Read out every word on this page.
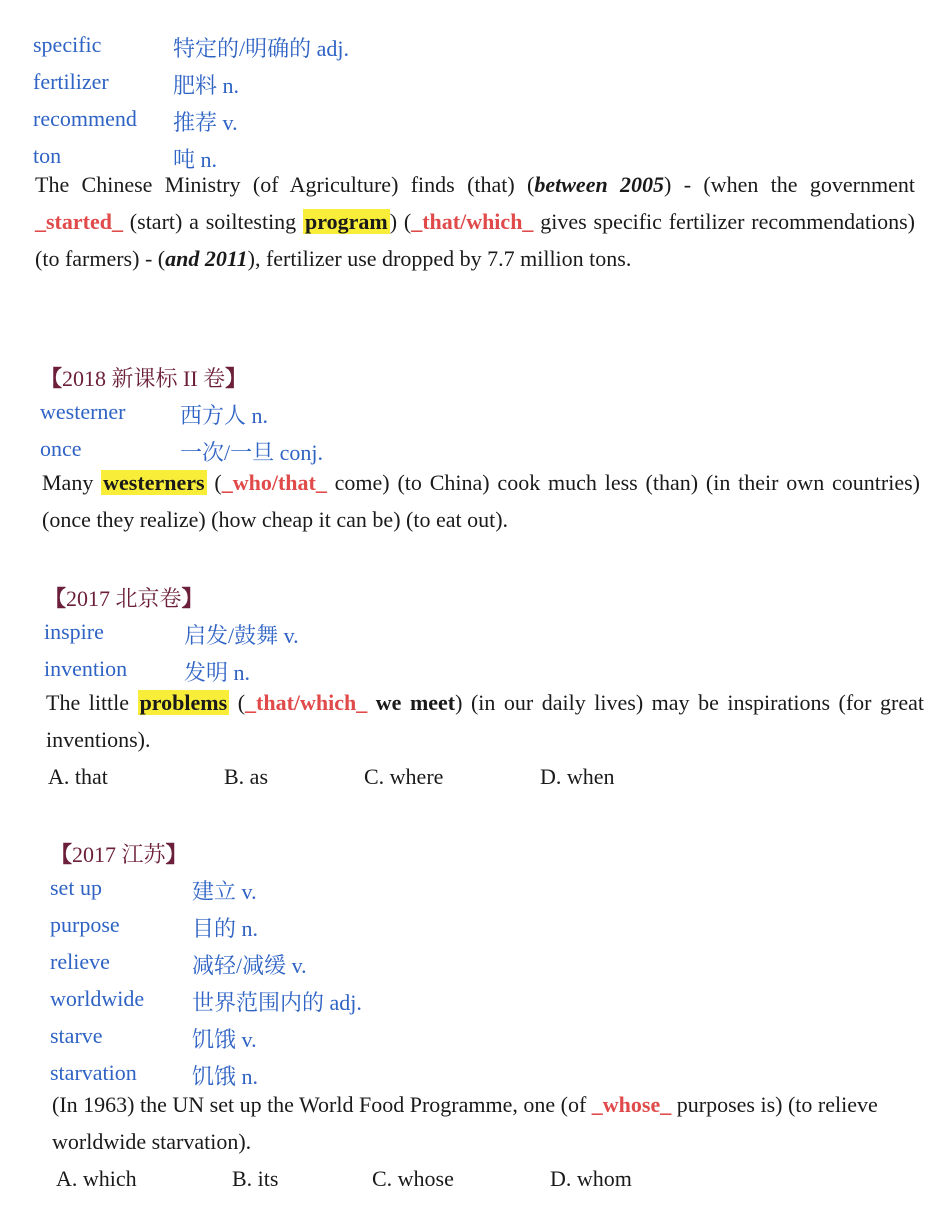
specific	特定的/明确的 adj.
fertilizer	肥料 n.
recommend 推荐 v.
ton	吨 n.

The Chinese Ministry (of Agriculture) finds (that) (between 2005) - (when the government _started_ (start) a soiltesting program) (_that/which_ gives specific fertilizer recommendations) (to farmers) - (and 2011), fertilizer use dropped by 7.7 million tons.

【2018 新课标 II 卷】
westerner 西方人 n.
once	一次/一旦 conj.

Many westerners (_who/that_ come) (to China) cook much less (than) (in their own countries) (once they realize) (how cheap it can be) (to eat out).

【2017 北京卷】
inspire	启发/鼓舞 v.
invention	发明 n.

The little problems (_that/which_ we meet) (in our daily lives) may be inspirations (for great inventions).

A. that	B. as	C. where	D. when
【2017 江苏】
set up	建立 v.
purpose	目的 n.
relieve	减轻/减缓 v.
worldwide 世界范围内的 adj.
starve	饥饿 v.
starvation	饥饿 n.

(In 1963) the UN set up the World Food Programme, one (of _whose_ purposes is) (to relieve worldwide starvation).

A. which	B. its	C. whose	D. whom
